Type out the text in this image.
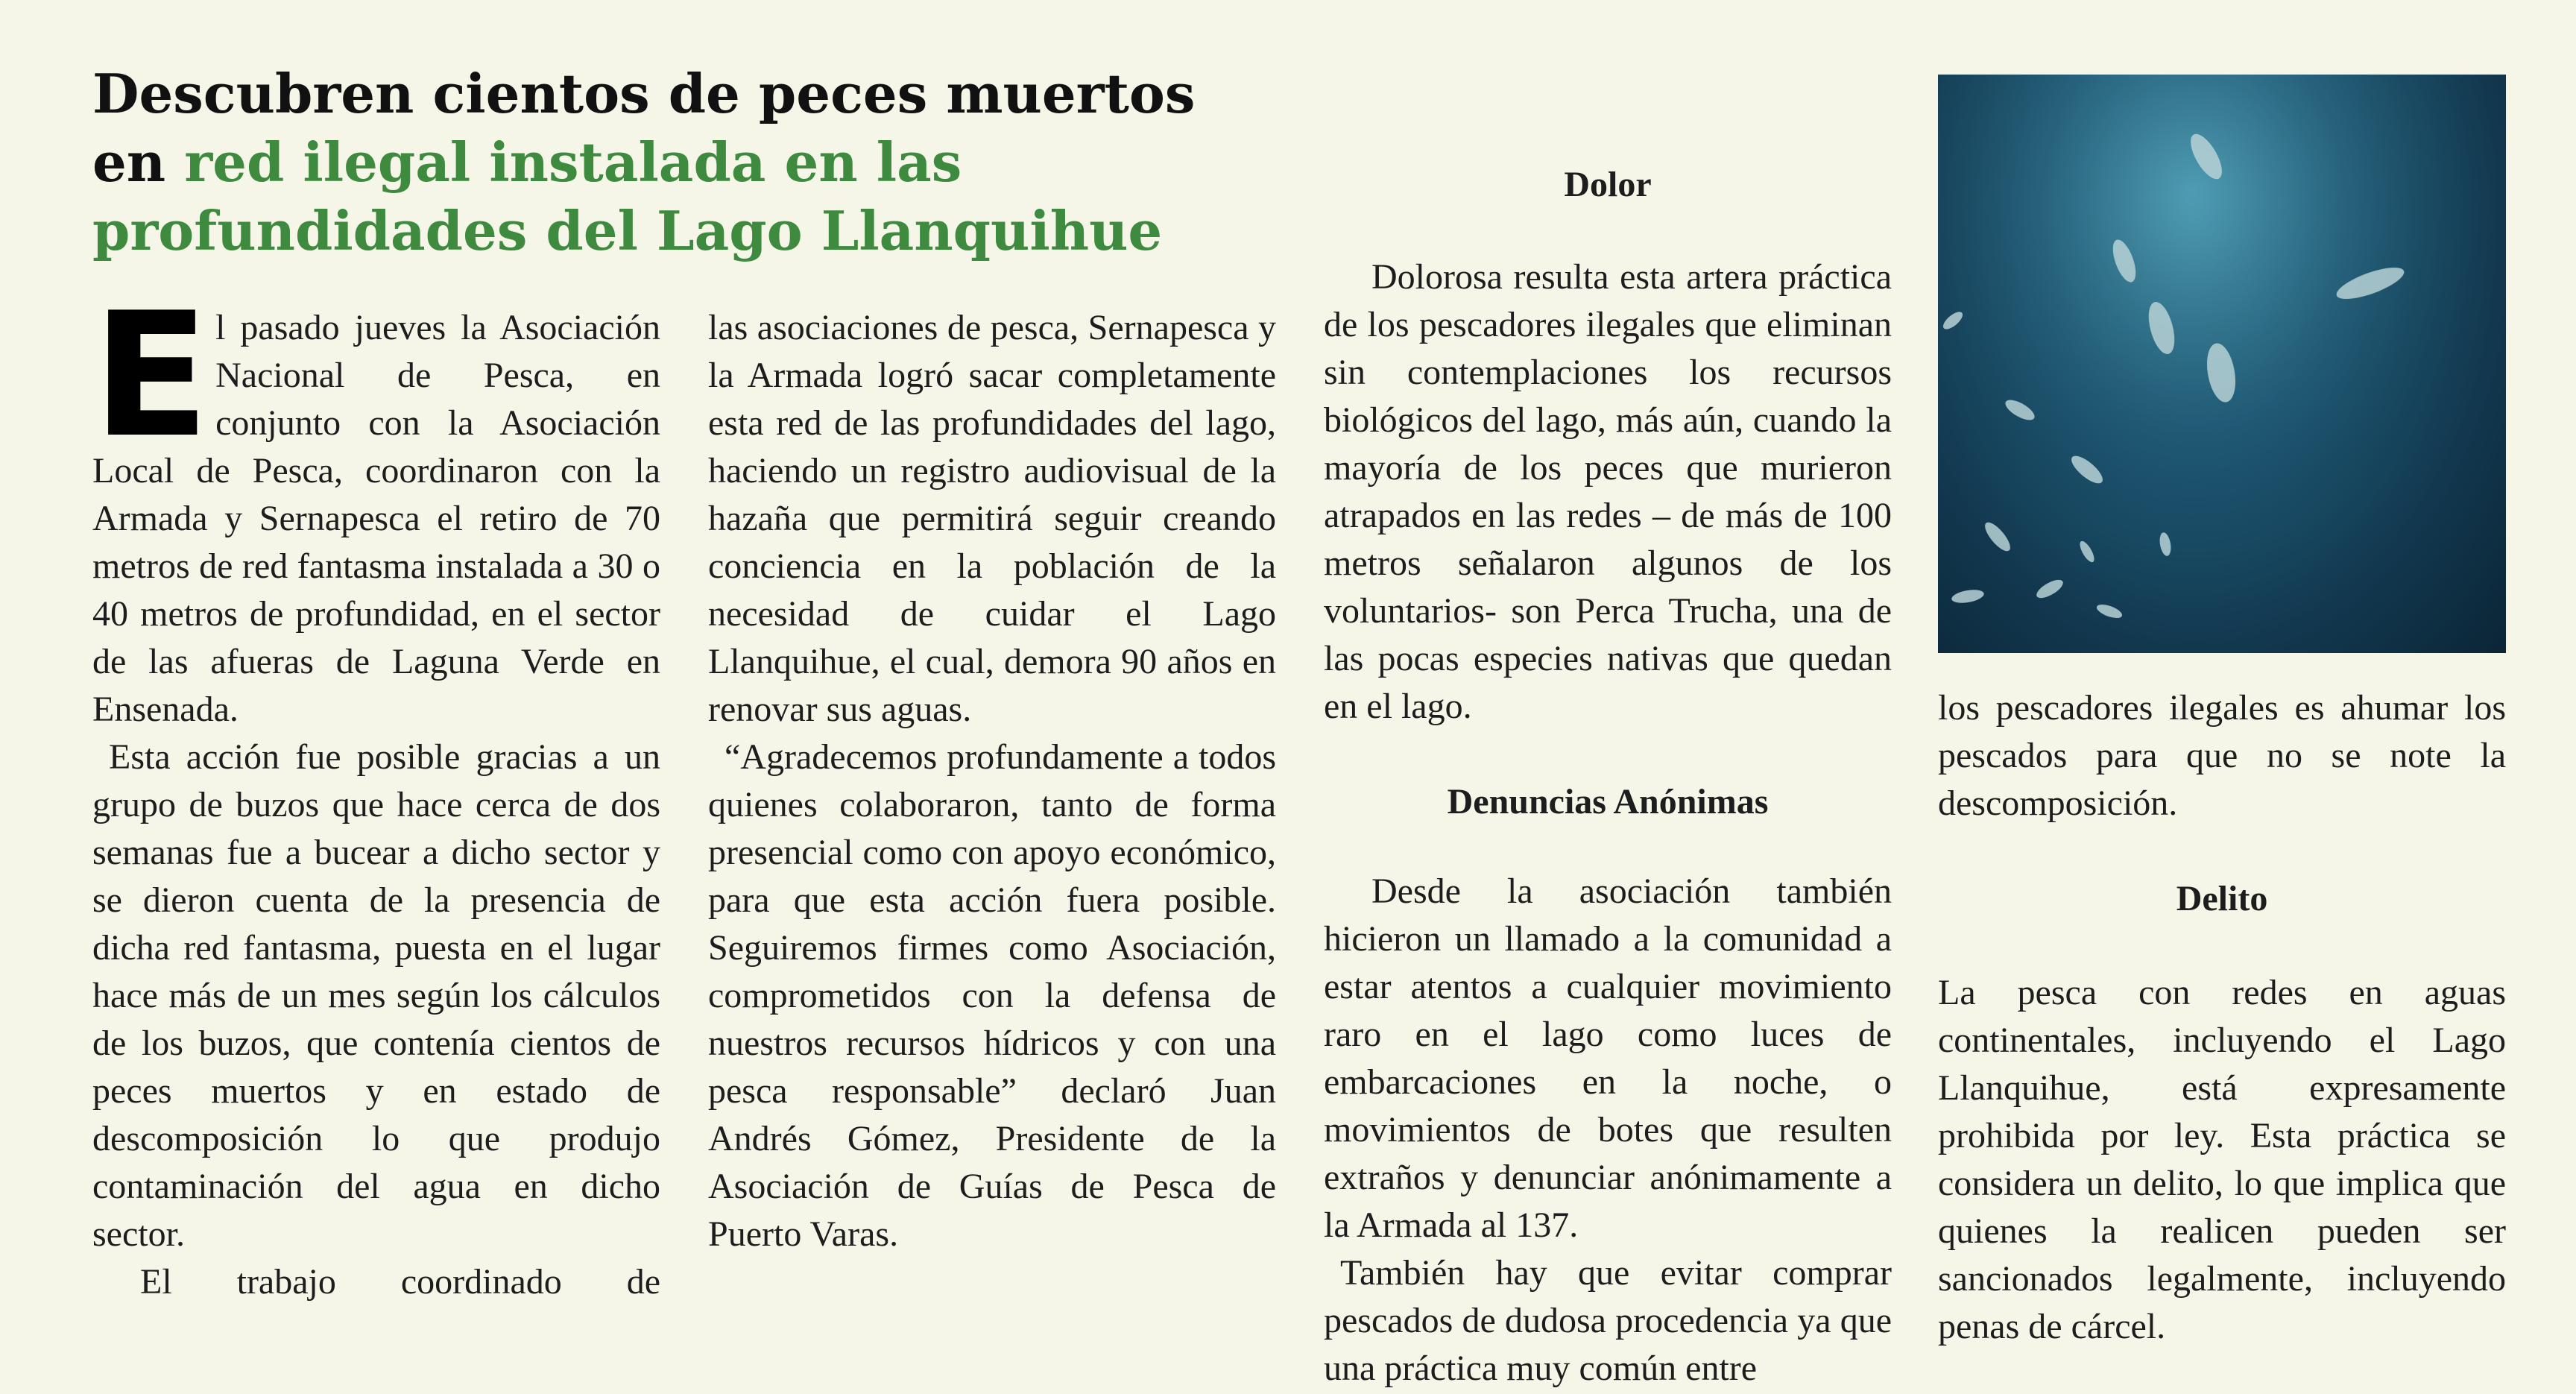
Descubren cientos de peces muertos en red ilegal instalada en las profundidades del Lago Llanquihue

El pasado jueves la Asociación Nacional de Pesca, en conjunto con la Asociación Local de Pesca, coordinaron con la Armada y Sernapesca el retiro de 70 metros de red fantasma instalada a 30 o 40 metros de profundidad, en el sector de las afueras de Laguna Verde en Ensenada.

Esta acción fue posible gracias a un grupo de buzos que hace cerca de dos semanas fue a bucear a dicho sector y se dieron cuenta de la presencia de dicha red fantasma, puesta en el lugar hace más de un mes según los cálculos de los buzos, que contenía cientos de peces muertos y en estado de descomposición lo que produjo contaminación del agua en dicho sector.

El trabajo coordinado de

las asociaciones de pesca, Sernapesca y la Armada logró sacar completamente esta red de las profundidades del lago, haciendo un registro audiovisual de la hazaña que permitirá seguir creando conciencia en la población de la necesidad de cuidar el Lago Llanquihue, el cual, demora 90 años en renovar sus aguas.

“Agradecemos profundamente a todos quienes colaboraron, tanto de forma presencial como con apoyo económico, para que esta acción fuera posible. Seguiremos firmes como Asociación, comprometidos con la defensa de nuestros recursos hídricos y con una pesca responsable” declaró Juan Andrés Gómez, Presidente de la Asociación de Guías de Pesca de Puerto Varas.

Dolor

Dolorosa resulta esta artera práctica de los pescadores ilegales que eliminan sin contemplaciones los recursos biológicos del lago, más aún, cuando la mayoría de los peces que murieron atrapados en las redes – de más de 100 metros señalaron algunos de los voluntarios- son Perca Trucha, una de las pocas especies nativas que quedan en el lago.

Denuncias Anónimas

Desde la asociación también hicieron un llamado a la comunidad a estar atentos a cualquier movimiento raro en el lago como luces de embarcaciones en la noche, o movimientos de botes que resulten extraños y denunciar anónimamente a la Armada al 137.

También hay que evitar comprar pescados de dudosa procedencia ya que una práctica muy común entre

los pescadores ilegales es ahumar los pescados para que no se note la descomposición.

Delito

La pesca con redes en aguas continentales, incluyendo el Lago Llanquihue, está expresamente prohibida por ley. Esta práctica se considera un delito, lo que implica que quienes la realicen pueden ser sancionados legalmente, incluyendo penas de cárcel.
